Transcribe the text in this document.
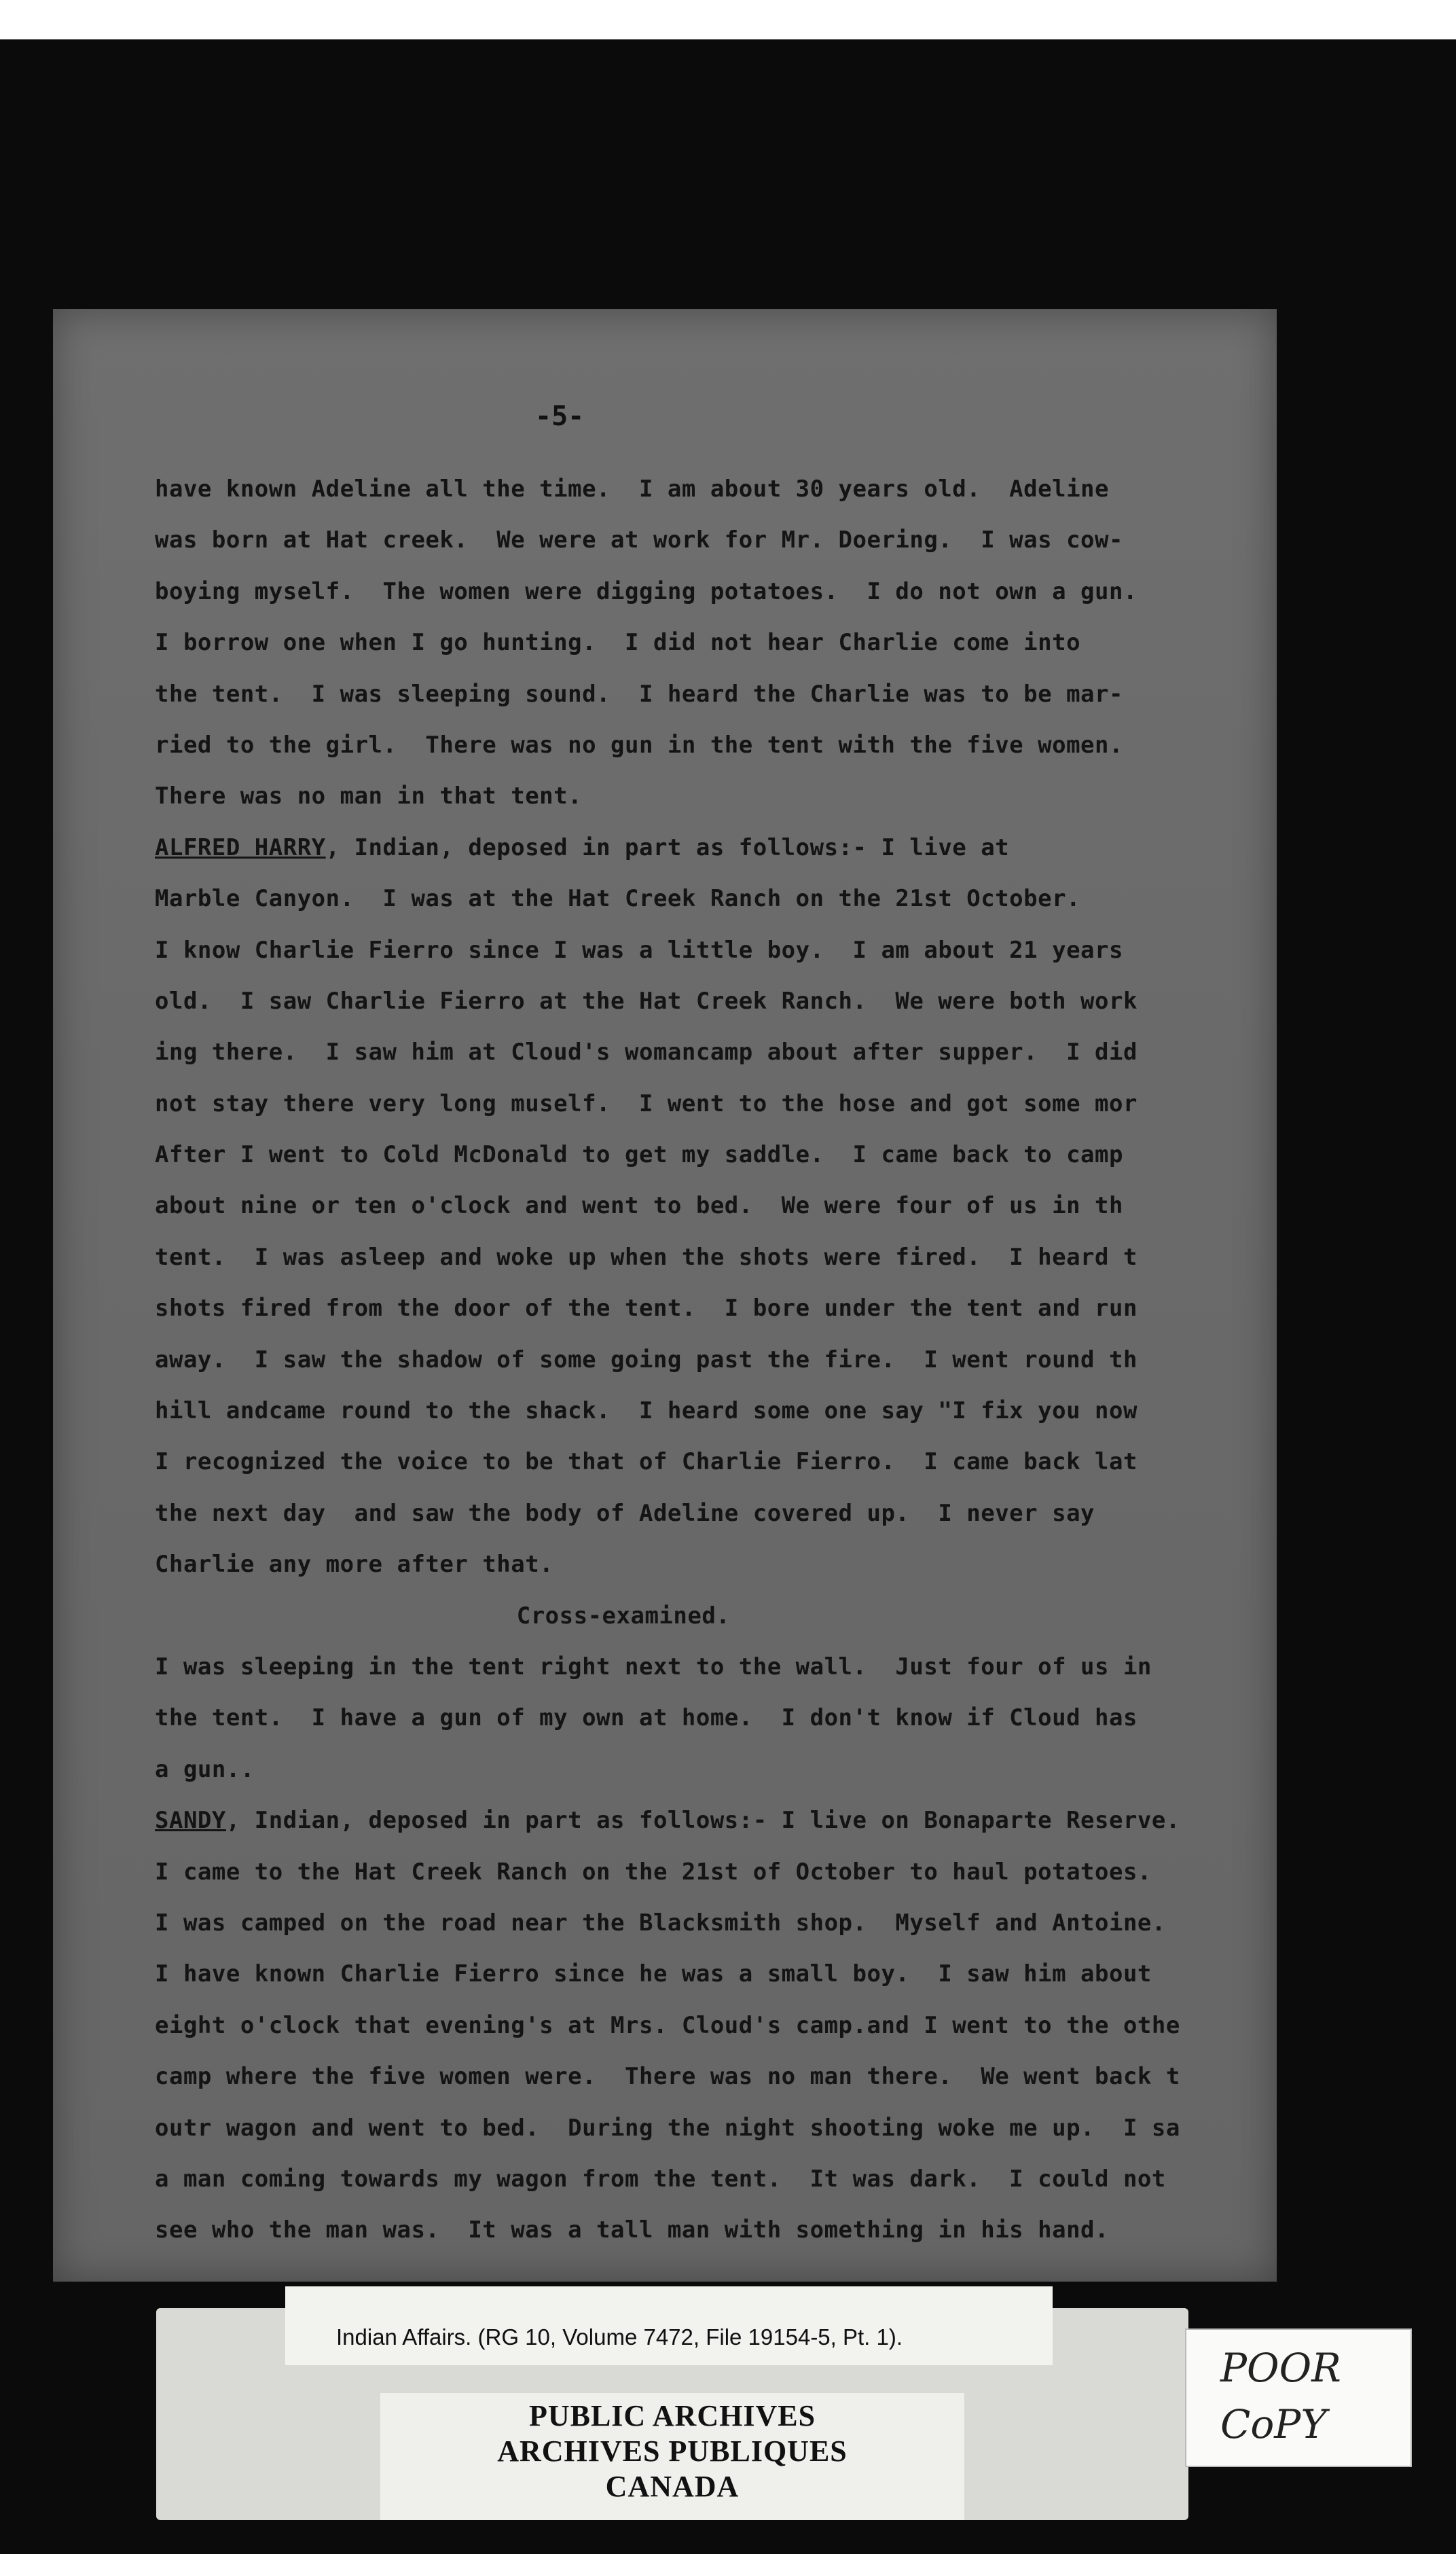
-5-

have known Adeline all the time.  I am about 30 years old.  Adeline

was born at Hat creek.  We were at work for Mr. Doering.  I was cow-

boying myself.  The women were digging potatoes.  I do not own a gun.

I borrow one when I go hunting.  I did not hear Charlie come into

the tent.  I was sleeping sound.  I heard the Charlie was to be mar-

ried to the girl.  There was no gun in the tent with the five women.

There was no man in that tent.

ALFRED HARRY, Indian, deposed in part as follows:- I live at

Marble Canyon.  I was at the Hat Creek Ranch on the 21st October.

I know Charlie Fierro since I was a little boy.  I am about 21 years

old.  I saw Charlie Fierro at the Hat Creek Ranch.  We were both work

ing there.  I saw him at Cloud's womancamp about after supper.  I did

not stay there very long muself.  I went to the hose and got some mor

After I went to Cold McDonald to get my saddle.  I came back to camp

about nine or ten o'clock and went to bed.  We were four of us in th

tent.  I was asleep and woke up when the shots were fired.  I heard t

shots fired from the door of the tent.  I bore under the tent and run

away.  I saw the shadow of some going past the fire.  I went round th

hill andcame round to the shack.  I heard some one say "I fix you now

I recognized the voice to be that of Charlie Fierro.  I came back lat

the next day  and saw the body of Adeline covered up.  I never say

Charlie any more after that.

Cross-examined.

I was sleeping in the tent right next to the wall.  Just four of us in

the tent.  I have a gun of my own at home.  I don't know if Cloud has

a gun..

SANDY, Indian, deposed in part as follows:- I live on Bonaparte Reserve.

I came to the Hat Creek Ranch on the 21st of October to haul potatoes.

I was camped on the road near the Blacksmith shop.  Myself and Antoine.

I have known Charlie Fierro since he was a small boy.  I saw him about

eight o'clock that evening's at Mrs. Cloud's camp.and I went to the othe

camp where the five women were.  There was no man there.  We went back t

outr wagon and went to bed.  During the night shooting woke me up.  I sa

a man coming towards my wagon from the tent.  It was dark.  I could not

see who the man was.  It was a tall man with something in his hand.

PUBLIC ARCHIVES
ARCHIVES PUBLIQUES
CANADA
Indian Affairs. (RG 10, Volume 7472, File 19154-5, Pt. 1).
POOR
CoPY
